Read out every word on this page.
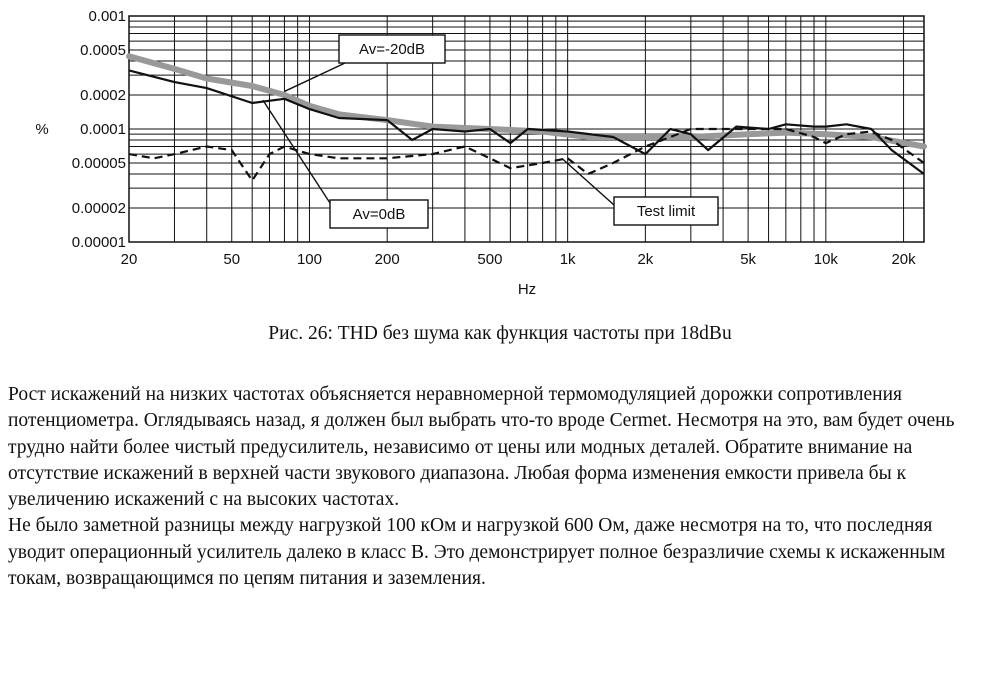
Av=-20dB
Av=0dB	Test limit
0.001
0.0005
0.0002
0.0001
0.00005
0.00002
0.00001
20	50	100	200	500	1k	2k	5k	10k	20k
%
Hz
Рис. 26: THD без шума как функция частоты при 18dBu

Рост искажений на низких частотах объясняется неравномерной термомодуляцией дорожки сопротивления потенциометра. Оглядываясь назад, я должен был выбрать что-то вроде Cermet. Несмотря на это, вам будет очень трудно найти более чистый предусилитель, независимо от цены или модных деталей. Обратите внимание на отсутствие искажений в верхней части звукового диапазона. Любая форма изменения емкости привела бы к увеличению искажений с на высоких частотах.

Не было заметной разницы между нагрузкой 100 кОм и нагрузкой 600 Ом, даже несмотря на то, что последняя уводит операционный усилитель далеко в класс B. Это демонстрирует полное безразличие схемы к искаженным токам, возвращающимся по цепям питания и заземления.
